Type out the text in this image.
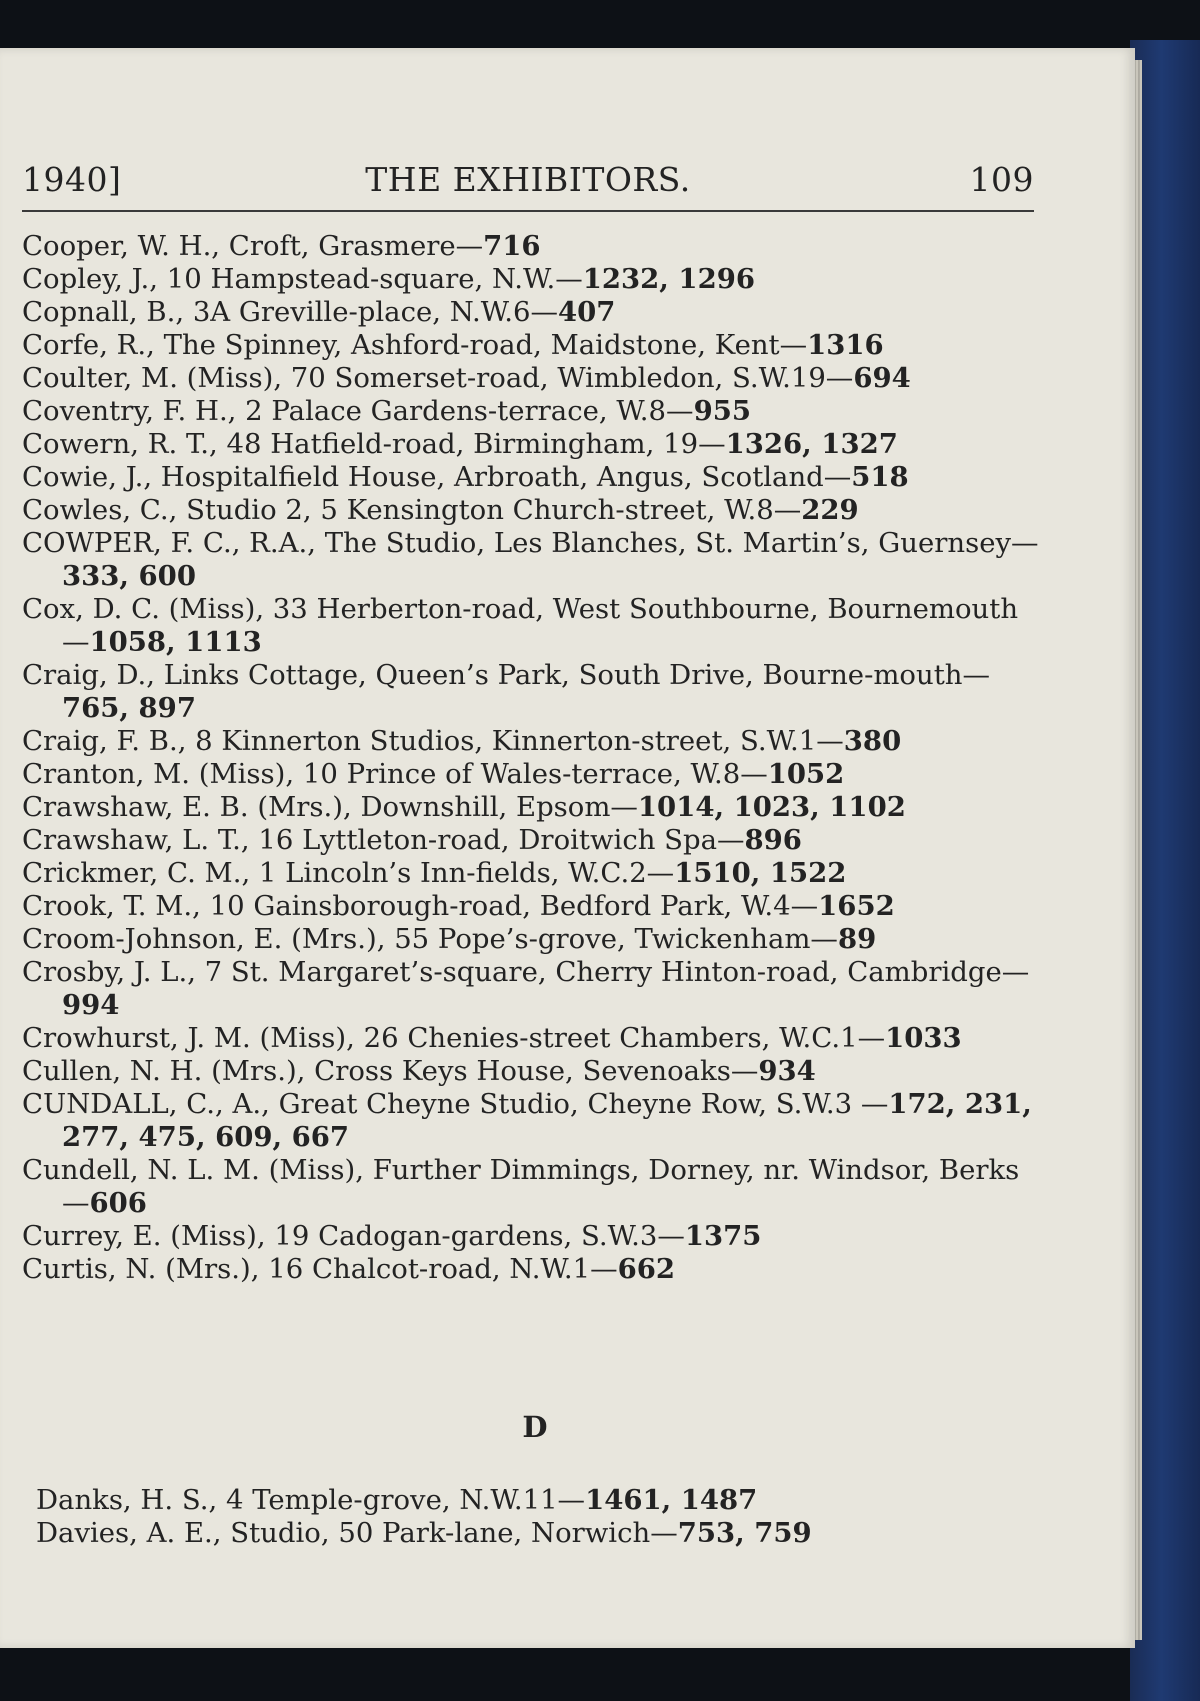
1940]	THE EXHIBITORS.	109
Cooper, W. H., Croft, Grasmere—716
Copley, J., 10 Hampstead-square, N.W.—1232, 1296
Copnall, B., 3A Greville-place, N.W.6—407
Corfe, R., The Spinney, Ashford-road, Maidstone, Kent—1316
Coulter, M. (Miss), 70 Somerset-road, Wimbledon, S.W.19—694
Coventry, F. H., 2 Palace Gardens-terrace, W.8—955
Cowern, R. T., 48 Hatfield-road, Birmingham, 19—1326, 1327
Cowie, J., Hospitalfield House, Arbroath, Angus, Scotland—518
Cowles, C., Studio 2, 5 Kensington Church-street, W.8—229
COWPER, F. C., R.A., The Studio, Les Blanches, St. Martin’s, Guernsey—333, 600
Cox, D. C. (Miss), 33 Herberton-road, West Southbourne, Bournemouth—1058, 1113
Craig, D., Links Cottage, Queen’s Park, South Drive, Bourne-mouth—765, 897
Craig, F. B., 8 Kinnerton Studios, Kinnerton-street, S.W.1—380
Cranton, M. (Miss), 10 Prince of Wales-terrace, W.8—1052
Crawshaw, E. B. (Mrs.), Downshill, Epsom—1014, 1023, 1102
Crawshaw, L. T., 16 Lyttleton-road, Droitwich Spa—896
Crickmer, C. M., 1 Lincoln’s Inn-fields, W.C.2—1510, 1522
Crook, T. M., 10 Gainsborough-road, Bedford Park, W.4—1652
Croom-Johnson, E. (Mrs.), 55 Pope’s-grove, Twickenham—89
Crosby, J. L., 7 St. Margaret’s-square, Cherry Hinton-road, Cambridge—994
Crowhurst, J. M. (Miss), 26 Chenies-street Chambers, W.C.1—1033
Cullen, N. H. (Mrs.), Cross Keys House, Sevenoaks—934
CUNDALL, C., A., Great Cheyne Studio, Cheyne Row, S.W.3 —172, 231, 277, 475, 609, 667
Cundell, N. L. M. (Miss), Further Dimmings, Dorney, nr. Windsor, Berks—606
Currey, E. (Miss), 19 Cadogan-gardens, S.W.3—1375
Curtis, N. (Mrs.), 16 Chalcot-road, N.W.1—662
D
Danks, H. S., 4 Temple-grove, N.W.11—1461, 1487
Davies, A. E., Studio, 50 Park-lane, Norwich—753, 759
